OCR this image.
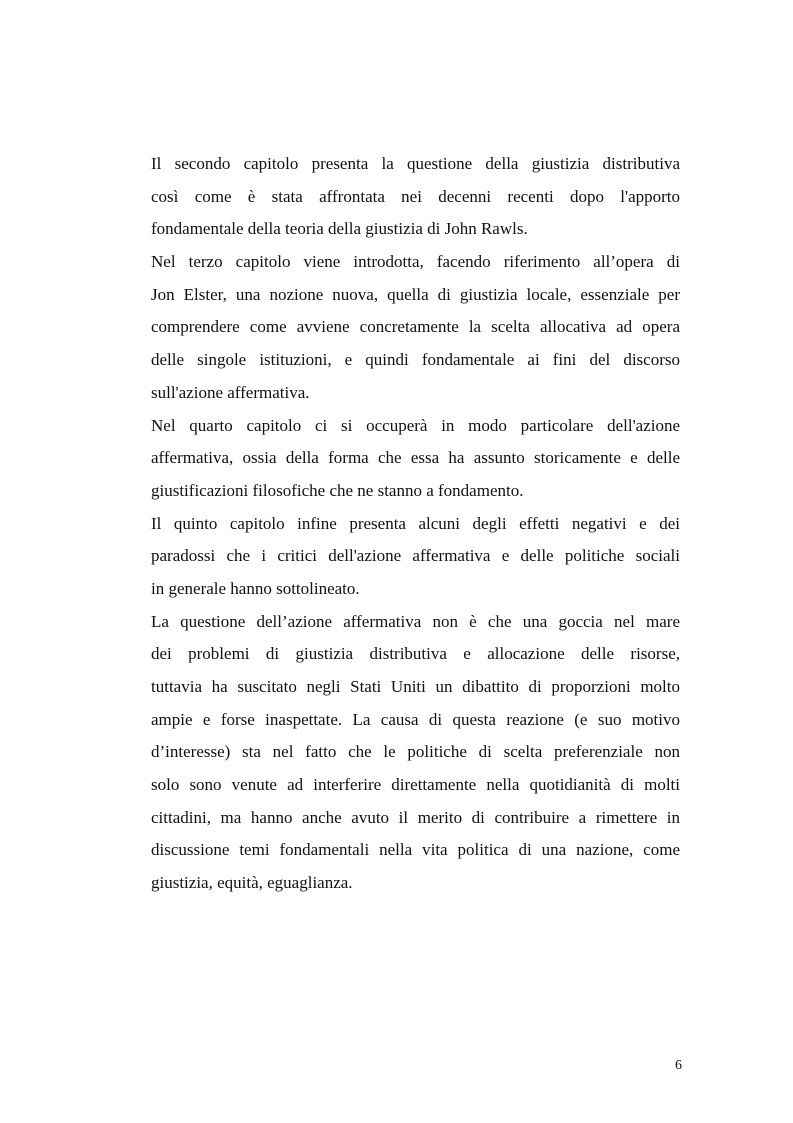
Il secondo capitolo presenta la questione della giustizia distributiva
così come è stata affrontata nei decenni recenti dopo l'apporto
fondamentale della teoria della giustizia di John Rawls.
Nel terzo capitolo viene introdotta, facendo riferimento all’opera di
Jon Elster, una nozione nuova, quella di giustizia locale, essenziale per
comprendere come avviene concretamente la scelta allocativa ad opera
delle singole istituzioni, e quindi fondamentale ai fini del discorso
sull'azione affermativa.
Nel quarto capitolo ci si occuperà in modo particolare dell'azione
affermativa, ossia della forma che essa ha assunto storicamente e delle
giustificazioni filosofiche che ne stanno a fondamento.
Il quinto capitolo infine presenta alcuni degli effetti negativi e dei
paradossi che i critici dell'azione affermativa e delle politiche sociali
in generale hanno sottolineato.
La questione dell’azione affermativa non è che una goccia nel mare
dei problemi di giustizia distributiva e allocazione delle risorse,
tuttavia ha suscitato negli Stati Uniti un dibattito di proporzioni molto
ampie e forse inaspettate. La causa di questa reazione (e suo motivo
d’interesse) sta nel fatto che le politiche di scelta preferenziale non
solo sono venute ad interferire direttamente nella quotidianità di molti
cittadini, ma hanno anche avuto il merito di contribuire a rimettere in
discussione temi fondamentali nella vita politica di una nazione, come
giustizia, equità, eguaglianza.
6
